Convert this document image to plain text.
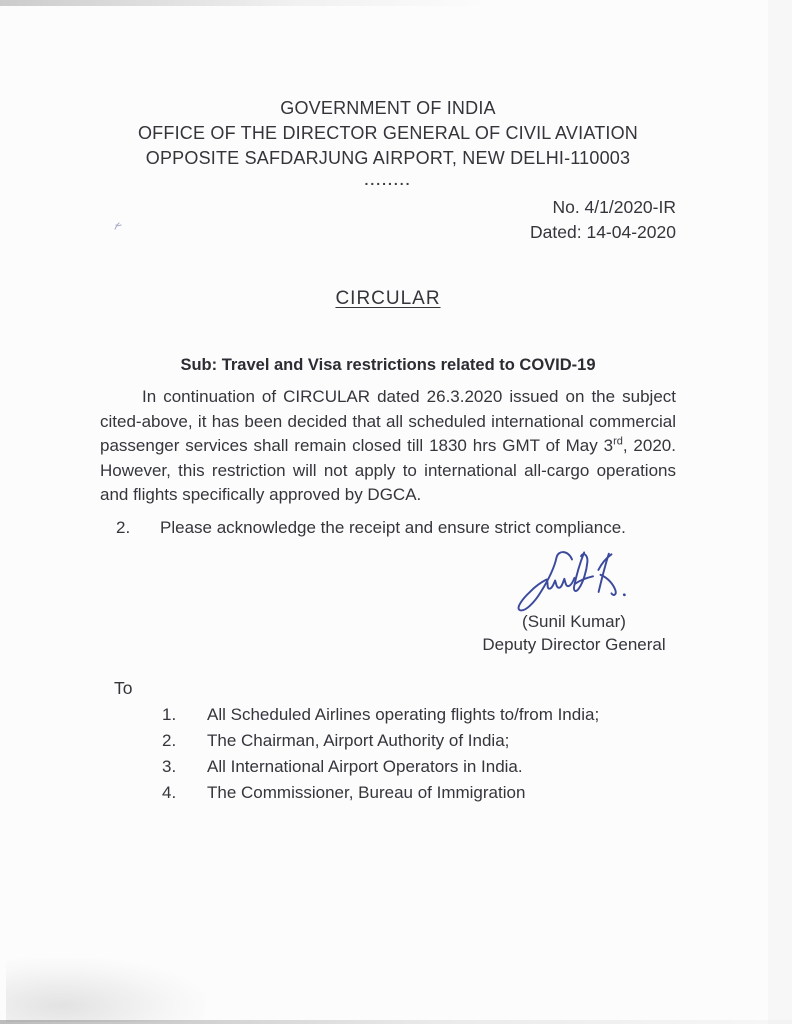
GOVERNMENT OF INDIA
OFFICE OF THE DIRECTOR GENERAL OF CIVIL AVIATION
OPPOSITE SAFDARJUNG AIRPORT, NEW DELHI-110003
........
No. 4/1/2020-IR
Dated: 14-04-2020
CIRCULAR
Sub: Travel and Visa restrictions related to COVID-19

In continuation of CIRCULAR dated 26.3.2020 issued on the subject cited-above, it has been decided that all scheduled international commercial passenger services shall remain closed till 1830 hrs GMT of May 3rd, 2020. However, this restriction will not apply to international all-cargo operations and flights specifically approved by DGCA.

2.	Please acknowledge the receipt and ensure strict compliance.
(Sunil Kumar)
Deputy Director General
To
1.	All Scheduled Airlines operating flights to/from India;
2.	The Chairman, Airport Authority of India;
3.	All International Airport Operators in India.
4.	The Commissioner, Bureau of Immigration
